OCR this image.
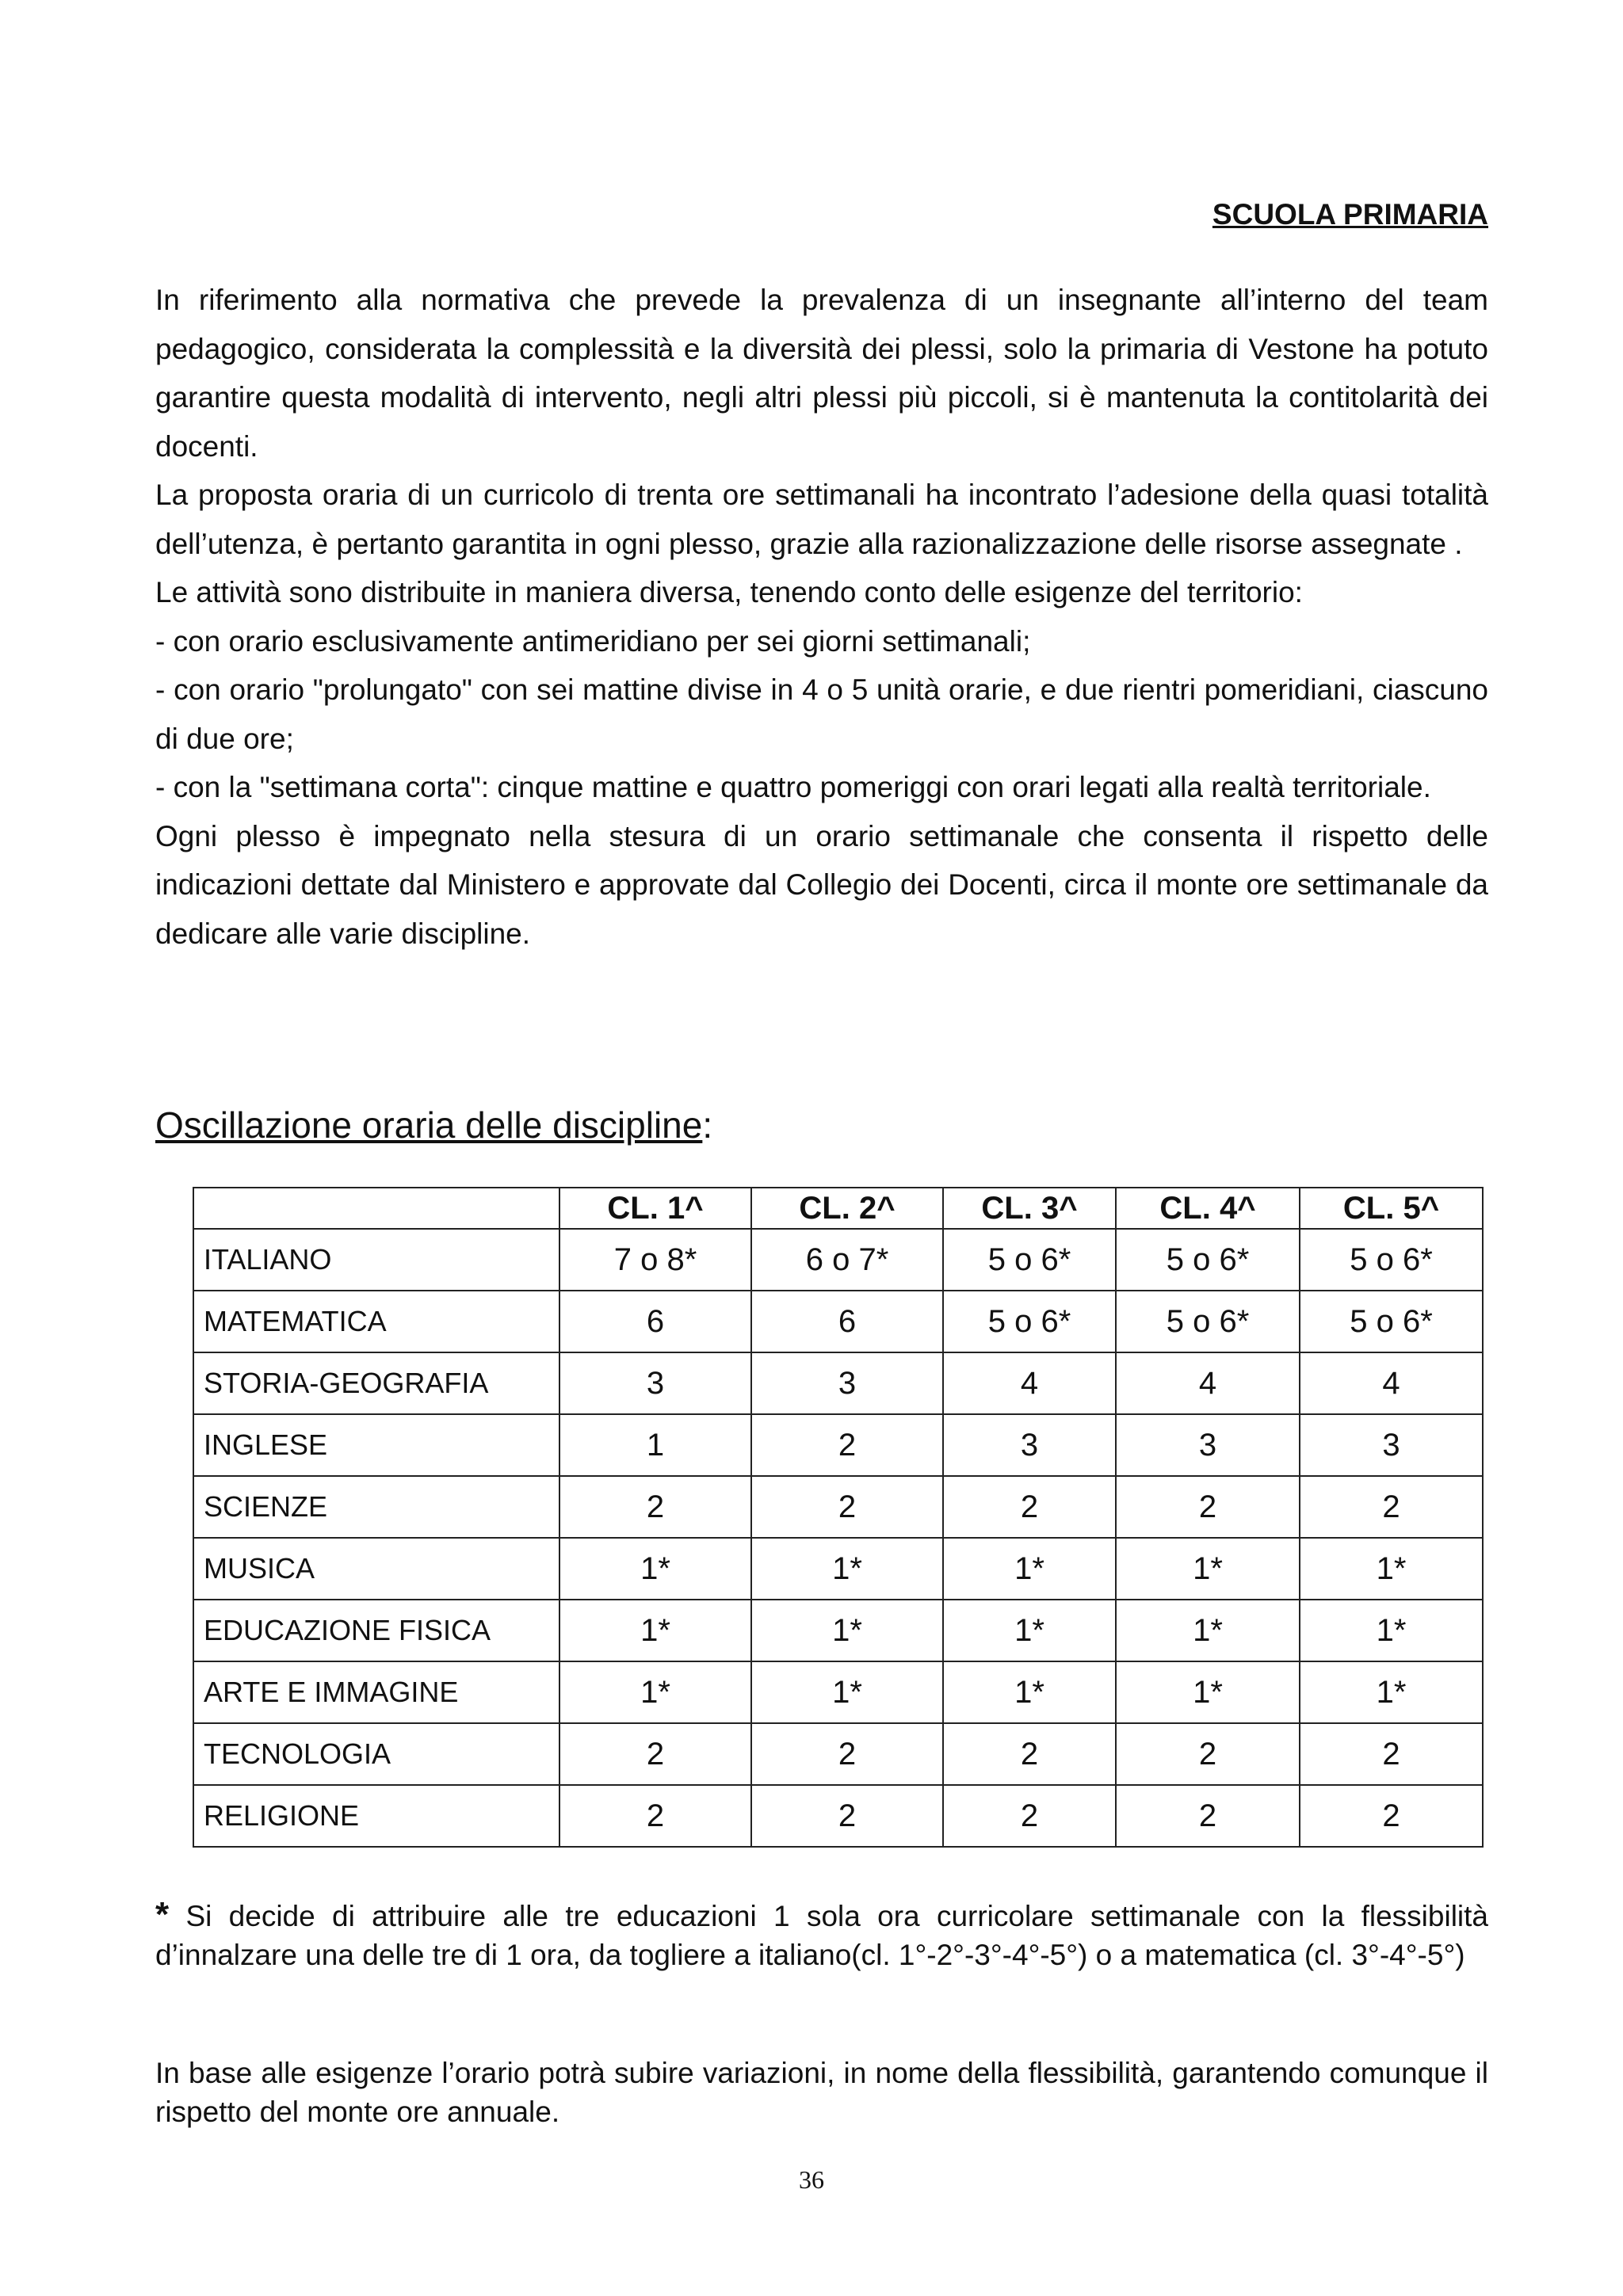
SCUOLA PRIMARIA

In riferimento alla normativa che prevede la prevalenza di un insegnante all’interno del team pedagogico, considerata la complessità e la diversità dei plessi, solo la primaria di Vestone ha potuto garantire questa modalità di intervento, negli altri plessi più piccoli, si è mantenuta la contitolarità dei docenti.

La proposta oraria di un curricolo di trenta ore settimanali ha incontrato l’adesione della quasi totalità dell’utenza, è pertanto garantita in ogni plesso, grazie alla razionalizzazione delle risorse assegnate .

Le attività sono distribuite in maniera diversa, tenendo conto delle esigenze del territorio:

- con orario esclusivamente antimeridiano per sei giorni settimanali;

- con orario "prolungato" con sei mattine divise in 4 o 5 unità orarie, e due rientri pomeridiani, ciascuno di due ore;

- con la "settimana corta": cinque mattine e quattro pomeriggi con orari legati alla realtà territoriale.

Ogni plesso è impegnato nella stesura di un orario settimanale che consenta il rispetto delle indicazioni dettate dal Ministero e approvate dal Collegio dei Docenti, circa il monte ore settimanale da dedicare alle varie discipline.

Oscillazione oraria delle discipline:
	CL. 1^	CL. 2^	CL. 3^	CL. 4^	CL. 5^
ITALIANO	7 o 8*	6 o 7*	5 o 6*	5 o 6*	5 o 6*
MATEMATICA	6	6	5 o 6*	5 o 6*	5 o 6*
STORIA-GEOGRAFIA	3	3	4	4	4
INGLESE	1	2	3	3	3
SCIENZE	2	2	2	2	2
MUSICA	1*	1*	1*	1*	1*
EDUCAZIONE FISICA	1*	1*	1*	1*	1*
ARTE E IMMAGINE	1*	1*	1*	1*	1*
TECNOLOGIA	2	2	2	2	2
RELIGIONE	2	2	2	2	2
* Si decide di attribuire alle tre educazioni 1 sola ora curricolare settimanale con la flessibilità d’innalzare una delle tre di 1 ora, da togliere a italiano(cl. 1°-2°-3°-4°-5°) o a matematica (cl. 3°-4°-5°)
In base alle esigenze l’orario potrà subire variazioni, in nome della flessibilità, garantendo comunque il rispetto del monte ore annuale.
36
